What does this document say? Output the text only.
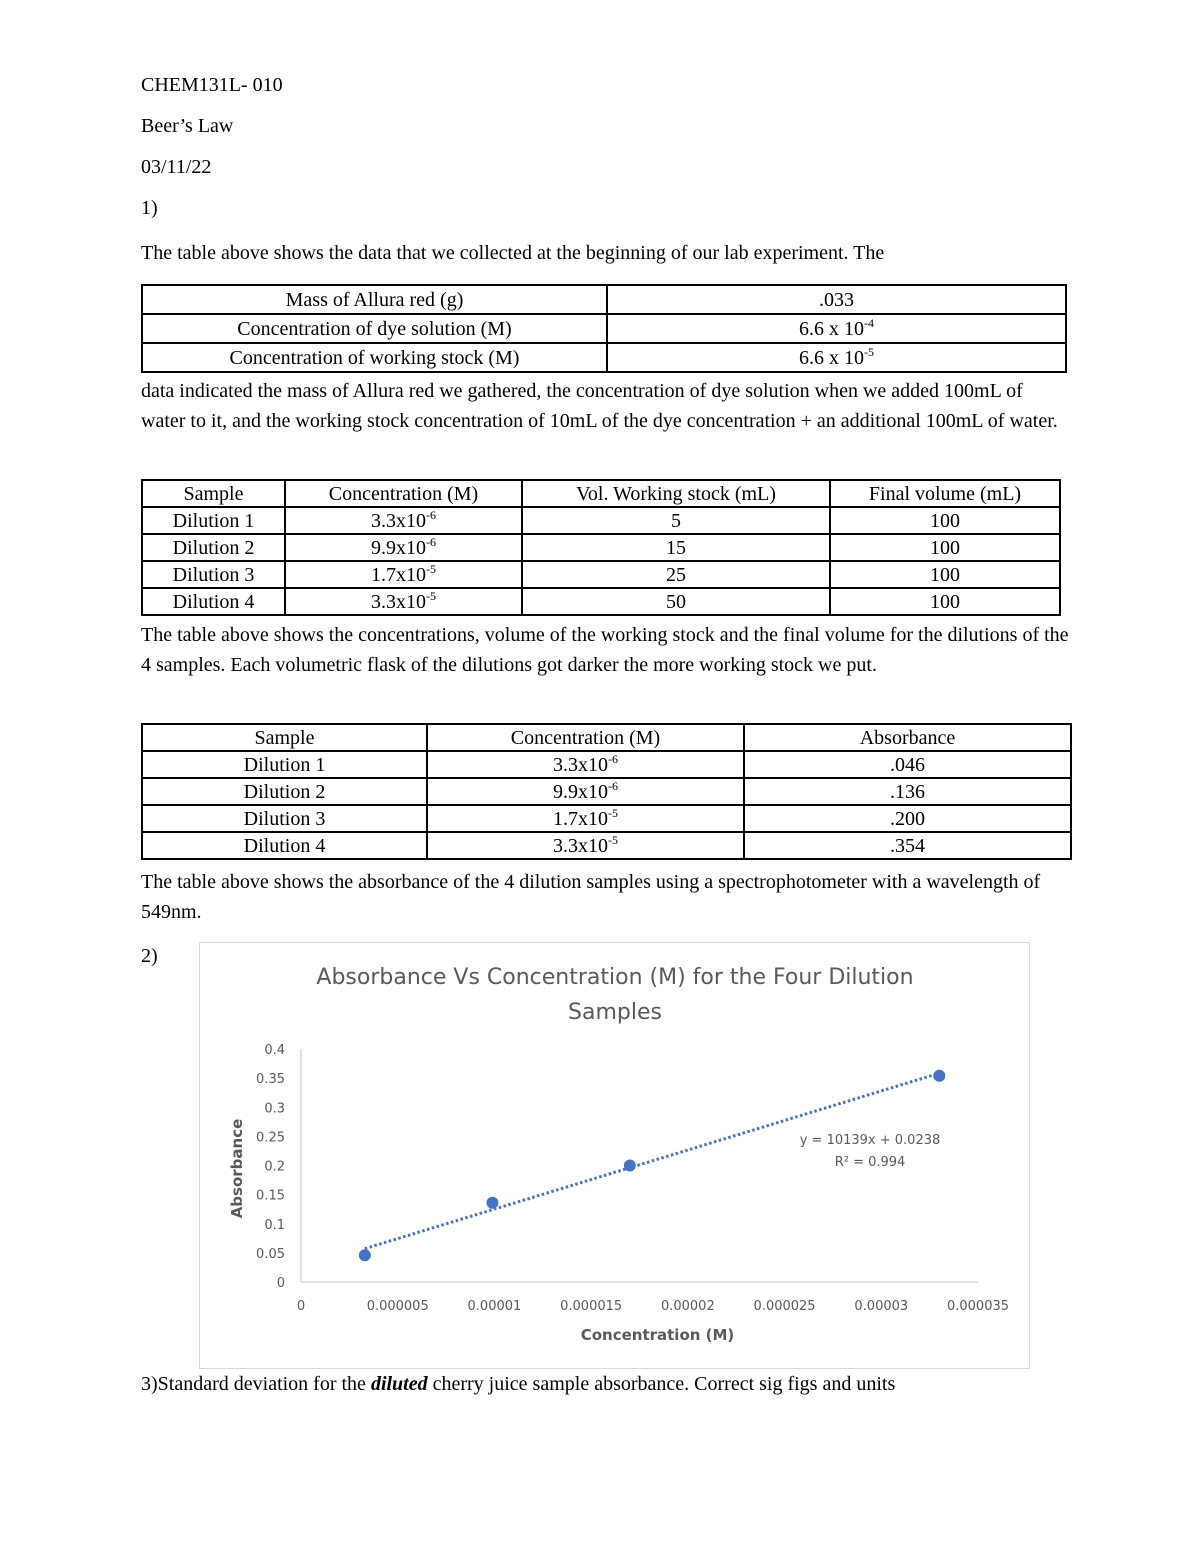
CHEM131L- 010
Beer’s Law
03/11/22
1)
The table above shows the data that we collected at the beginning of our lab experiment. The
Mass of Allura red (g)	.033
Concentration of dye solution (M)	6.6 x $10^{-4}$
Concentration of working stock (M)	6.6 x $10^{-5}$
data indicated the mass of Allura red we gathered, the concentration of dye solution when we added 100mL of water to it, and the working stock concentration of 10mL of the dye concentration + an additional 100mL of water.
Sample	Concentration (M)	Vol. Working stock (mL)	Final volume (mL)
Dilution 1	$3.3x10^{-6}$	5	100
Dilution 2	$9.9x10^{-6}$	15	100
Dilution 3	$1.7x10^{-5}$	25	100
Dilution 4	$3.3x10^{-5}$	50	100
The table above shows the concentrations, volume of the working stock and the final volume for the dilutions of the 4 samples. Each volumetric flask of the dilutions got darker the more working stock we put.
Sample	Concentration (M)	Absorbance
Dilution 1	$3.3x10^{-6}$	.046
Dilution 2	$9.9x10^{-6}$	.136
Dilution 3	$1.7x10^{-5}$	.200
Dilution 4	$3.3x10^{-5}$	.354
The table above shows the absorbance of the 4 dilution samples using a spectrophotometer with a wavelength of 549nm.
2)
Absorbance Vs Concentration (M) for the Four Dilution
Samples
0
0.05
0.1
0.15
0.2
0.25
0.3
0.35
0.4
0	0.000005	0.00001	0.000015	0.00002	0.000025	0.00003	0.000035
Concentration (M)
Absorbance	y = 10139x + 0.0238
R² = 0.994
3)Standard deviation for the diluted cherry juice sample absorbance. Correct sig figs and units
